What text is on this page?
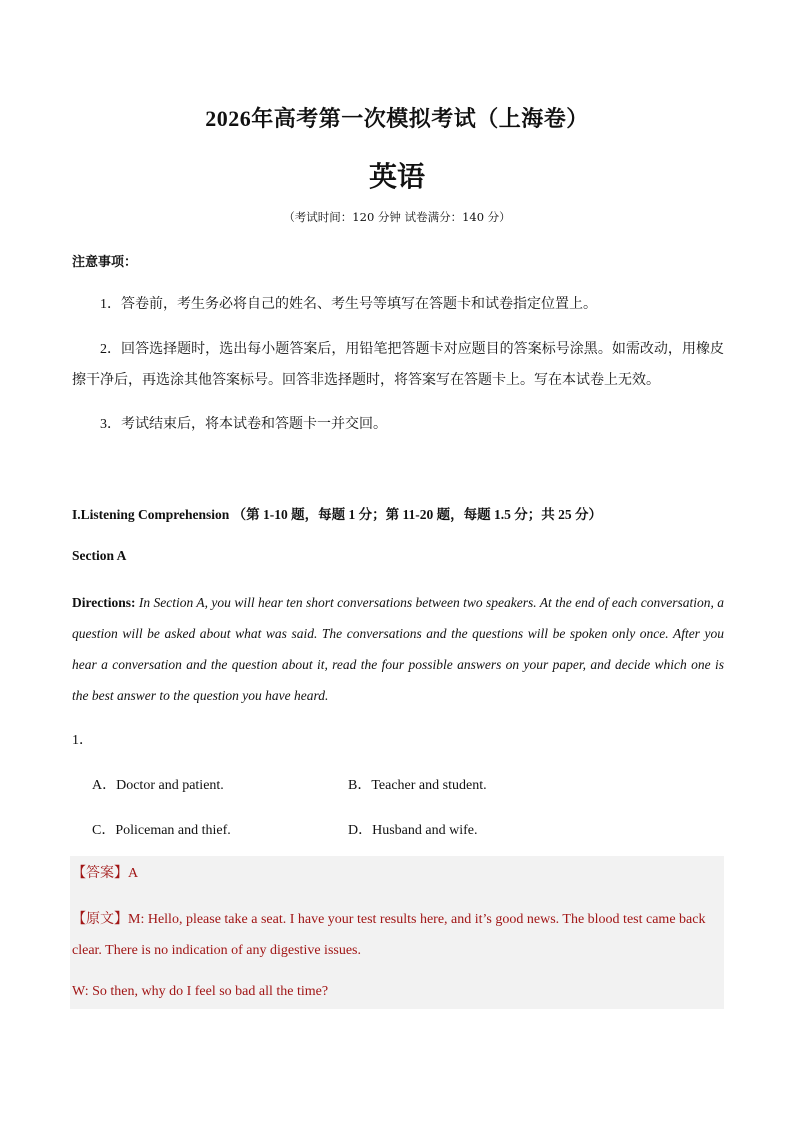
2026年高考第一次模拟考试（上海卷）
英语
（考试时间：120 分钟 试卷满分：140 分）
注意事项：
1．答卷前，考生务必将自己的姓名、考生号等填写在答题卡和试卷指定位置上。
2．回答选择题时，选出每小题答案后，用铅笔把答题卡对应题目的答案标号涂黑。如需改动，用橡皮擦干净后，再选涂其他答案标号。回答非选择题时，将答案写在答题卡上。写在本试卷上无效。
3．考试结束后，将本试卷和答题卡一并交回。
I.Listening Comprehension （第 1-10 题，每题 1 分；第 11-20 题，每题 1.5 分；共 25 分）
Section A
Directions: In Section A, you will hear ten short conversations between two speakers. At the end of each conversation, a question will be asked about what was said. The conversations and the questions will be spoken only once. After you hear a conversation and the question about it, read the four possible answers on your paper, and decide which one is the best answer to the question you have heard.
1．
A．Doctor and patient.	B．Teacher and student.
C．Policeman and thief.	D．Husband and wife.
【答案】A
【原文】M: Hello, please take a seat. I have your test results here, and it’s good news. The blood test came back clear. There is no indication of any digestive issues.
W: So then, why do I feel so bad all the time?
